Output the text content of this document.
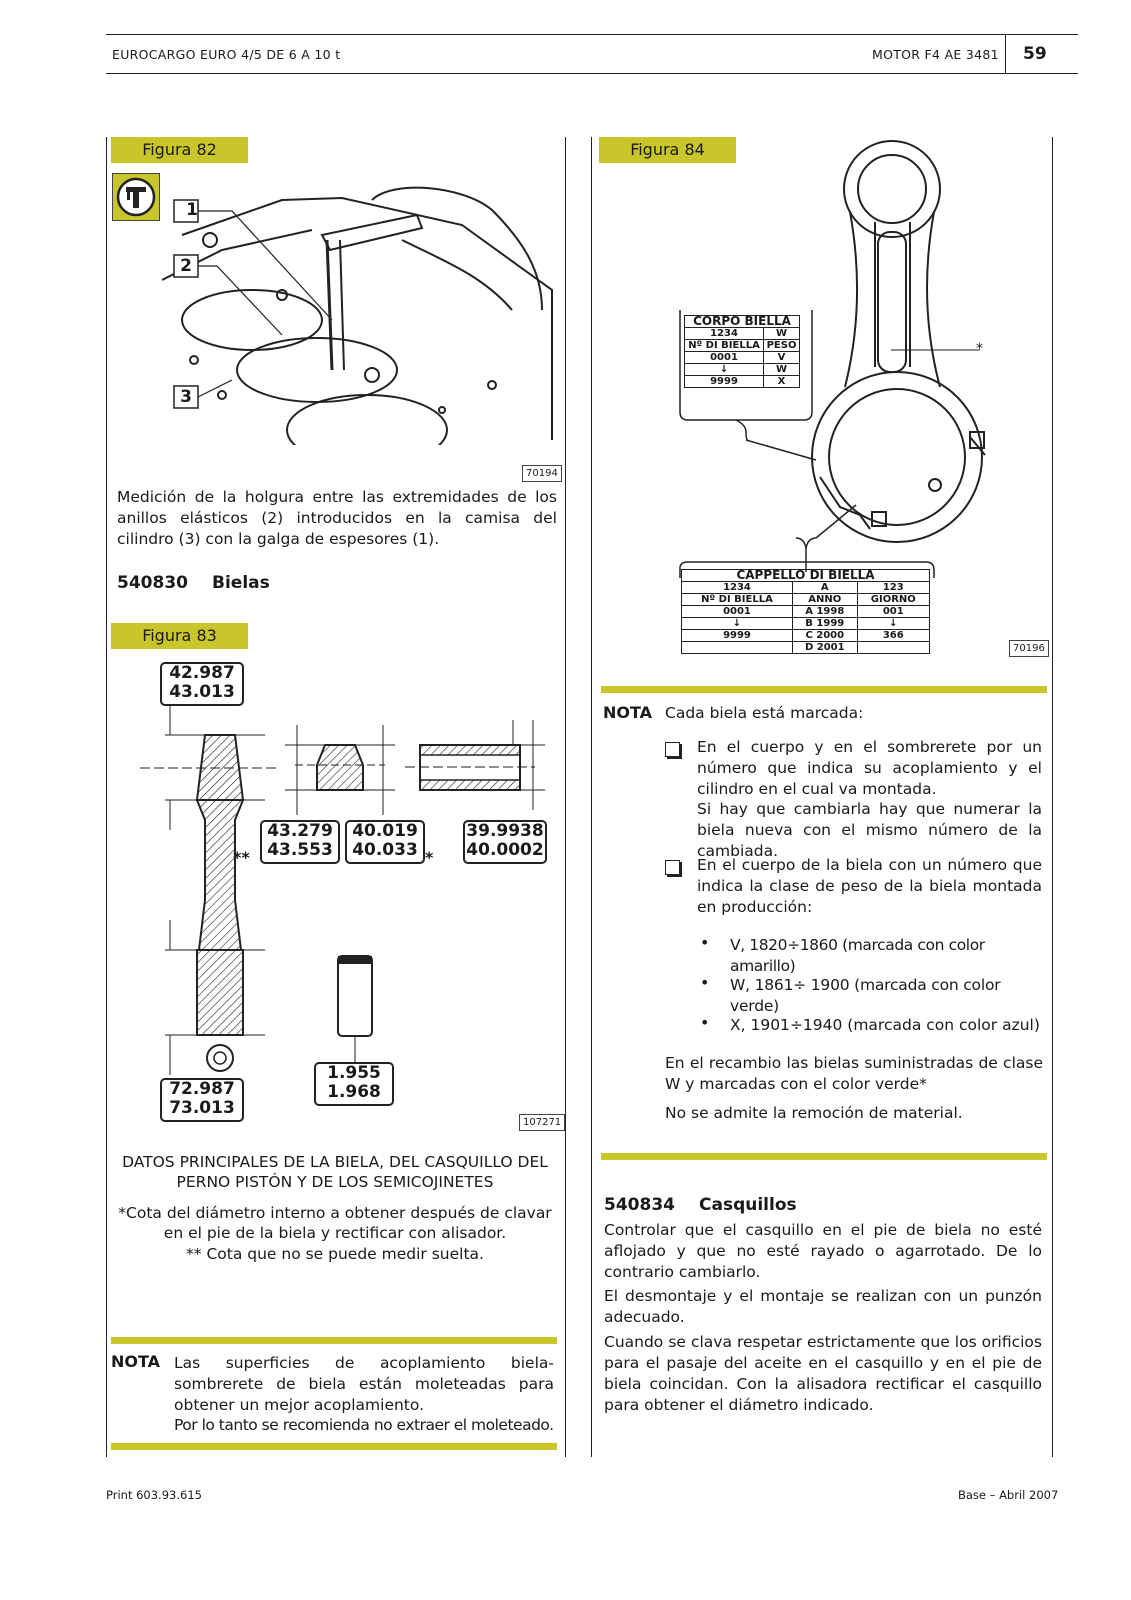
EUROCARGO EURO 4/5 DE 6 A 10 t	MOTOR F4 AE 3481 59
Figura 82
1
2
3
70194
Medición de la holgura entre las extremidades de los anillos elásticos (2) introducidos en la camisa del cilindro (3) con la galga de espesores (1).
540830 Bielas
Figura 83
42.987
43.013
43.279
43.553
**
40.019
40.033 *
39.9938
40.0002
72.987
73.013
1.955
1.968
107271
DATOS PRINCIPALES DE LA BIELA, DEL CASQUILLO DEL PERNO PISTÓN Y DE LOS SEMICOJINETES
*Cota del diámetro interno a obtener después de clavar en el pie de la biela y rectificar con alisador.
** Cota que no se puede medir suelta.
NOTA Las superficies de acoplamiento biela-sombrerete de biela están moleteadas para obtener un mejor acoplamiento.
Por lo tanto se recomienda no extraer el moleteado.
Figura 84
*
CORPO BIELLA	
1234	W
Nº DI BIELLA	PESO
0001	V
↓	W
9999	X
CAPPELLO DI BIELLA		
1234	A	123
Nº DI BIELLA	ANNO	GIORNO
0001	A 1998	001
↓	B 1999	↓
9999	C 2000	366
	D 2001		70196
NOTA Cada biela está marcada:
En el cuerpo y en el sombrerete por un número que indica su acoplamiento y el cilindro en el cual va montada.
Si hay que cambiarla hay que numerar la biela nueva con el mismo número de la cambiada.
En el cuerpo de la biela con un número que indica la clase de peso de la biela montada en producción:
• V, 1820÷1860 (marcada con color amarillo)
• W, 1861÷ 1900 (marcada con color verde)
• X, 1901÷1940 (marcada con color azul)
En el recambio las bielas suministradas de clase W y marcadas con el color verde*
No se admite la remoción de material.
540834 Casquillos
Controlar que el casquillo en el pie de biela no esté aflojado y que no esté rayado o agarrotado. De lo contrario cambiarlo.
El desmontaje y el montaje se realizan con un punzón adecuado.
Cuando se clava respetar estrictamente que los orificios para el pasaje del aceite en el casquillo y en el pie de biela coincidan. Con la alisadora rectificar el casquillo para obtener el diámetro indicado.
Print 603.93.615	Base – Abril 2007
